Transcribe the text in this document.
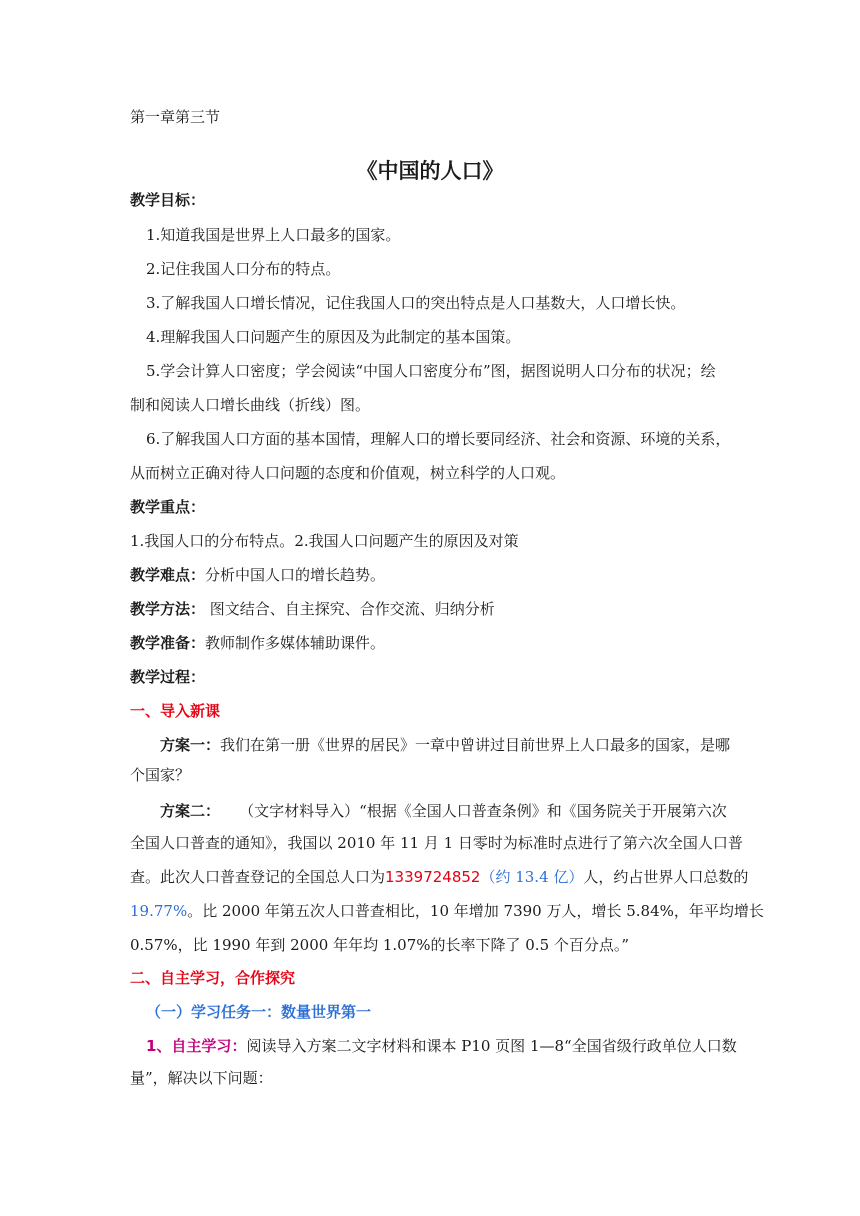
第一章第三节
《中国的人口》
教学目标：
1.知道我国是世界上人口最多的国家。
2.记住我国人口分布的特点。
3.了解我国人口增长情况，记住我国人口的突出特点是人口基数大，人口增长快。
4.理解我国人口问题产生的原因及为此制定的基本国策。
5.学会计算人口密度；学会阅读“中国人口密度分布”图，据图说明人口分布的状况；绘
制和阅读人口增长曲线（折线）图。
6.了解我国人口方面的基本国情，理解人口的增长要同经济、社会和资源、环境的关系，
从而树立正确对待人口问题的态度和价值观，树立科学的人口观。
教学重点：
1.我国人口的分布特点。2.我国人口问题产生的原因及对策
教学难点：分析中国人口的增长趋势。
教学方法： 图文结合、自主探究、合作交流、归纳分析
教学准备：教师制作多媒体辅助课件。
教学过程：
一、导入新课
方案一：我们在第一册《世界的居民》一章中曾讲过目前世界上人口最多的国家，是哪
个国家？
方案二：    （文字材料导入）“根据《全国人口普查条例》和《国务院关于开展第六次
全国人口普查的通知》，我国以 2010 年 11 月 1 日零时为标准时点进行了第六次全国人口普
查。此次人口普查登记的全国总人口为1339724852（约 13.4 亿）人，约占世界人口总数的
19.77%。比 2000 年第五次人口普查相比，10 年增加 7390 万人，增长 5.84%，年平均增长
0.57%，比 1990 年到 2000 年年均 1.07%的长率下降了 0.5 个百分点。”
二、自主学习，合作探究
（一）学习任务一：数量世界第一
1、自主学习：阅读导入方案二文字材料和课本 P10 页图 1—8“全国省级行政单位人口数
量”，解决以下问题：
